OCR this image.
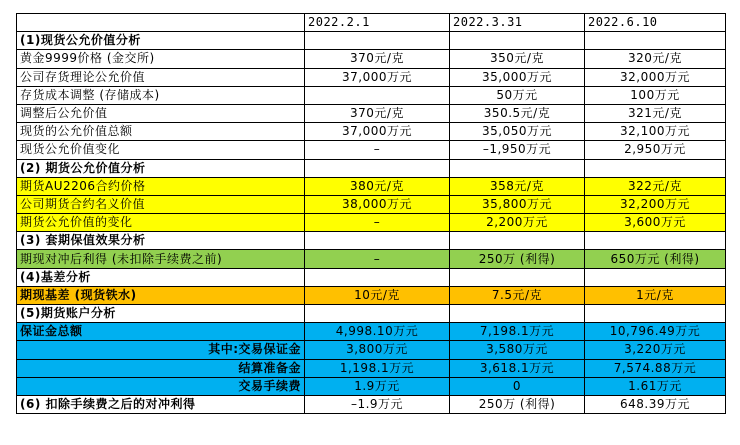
	2022.2.1	2022.3.31	2022.6.10
(1)现货公允价值分析			
黄金9999价格 (金交所)	370元/克	350元/克	320元/克
公司存货理论公允价值	37,000万元	35,000万元	32,000万元
存货成本调整 (存储成本)		50万元	100万元
调整后公允价值	370元/克	350.5元/克	321元/克
现货的公允价值总额	37,000万元	35,050万元	32,100万元
现货公允价值变化	–	–1,950万元	2,950万元
(2) 期货公允价值分析			
期货AU2206合约价格	380元/克	358元/克	322元/克
公司期货合约名义价值	38,000万元	35,800万元	32,200万元
期货公允价值的变化	–	2,200万元	3,600万元
(3) 套期保值效果分析			
期现对冲后利得 (未扣除手续费之前)	–	250万 (利得)	650万元 (利得)
(4)基差分析			
期现基差 (现货铁水)	10元/克	7.5元/克	1元/克
(5)期货账户分析			
保证金总额	4,998.10万元	7,198.1万元	10,796.49万元
其中:交易保证金	3,800万元	3,580万元	3,220万元
结算准备金	1,198.1万元	3,618.1万元	7,574.88万元
交易手续费	1.9万元	0	1.61万元
(6) 扣除手续费之后的对冲利得	–1.9万元	250万 (利得)	648.39万元
